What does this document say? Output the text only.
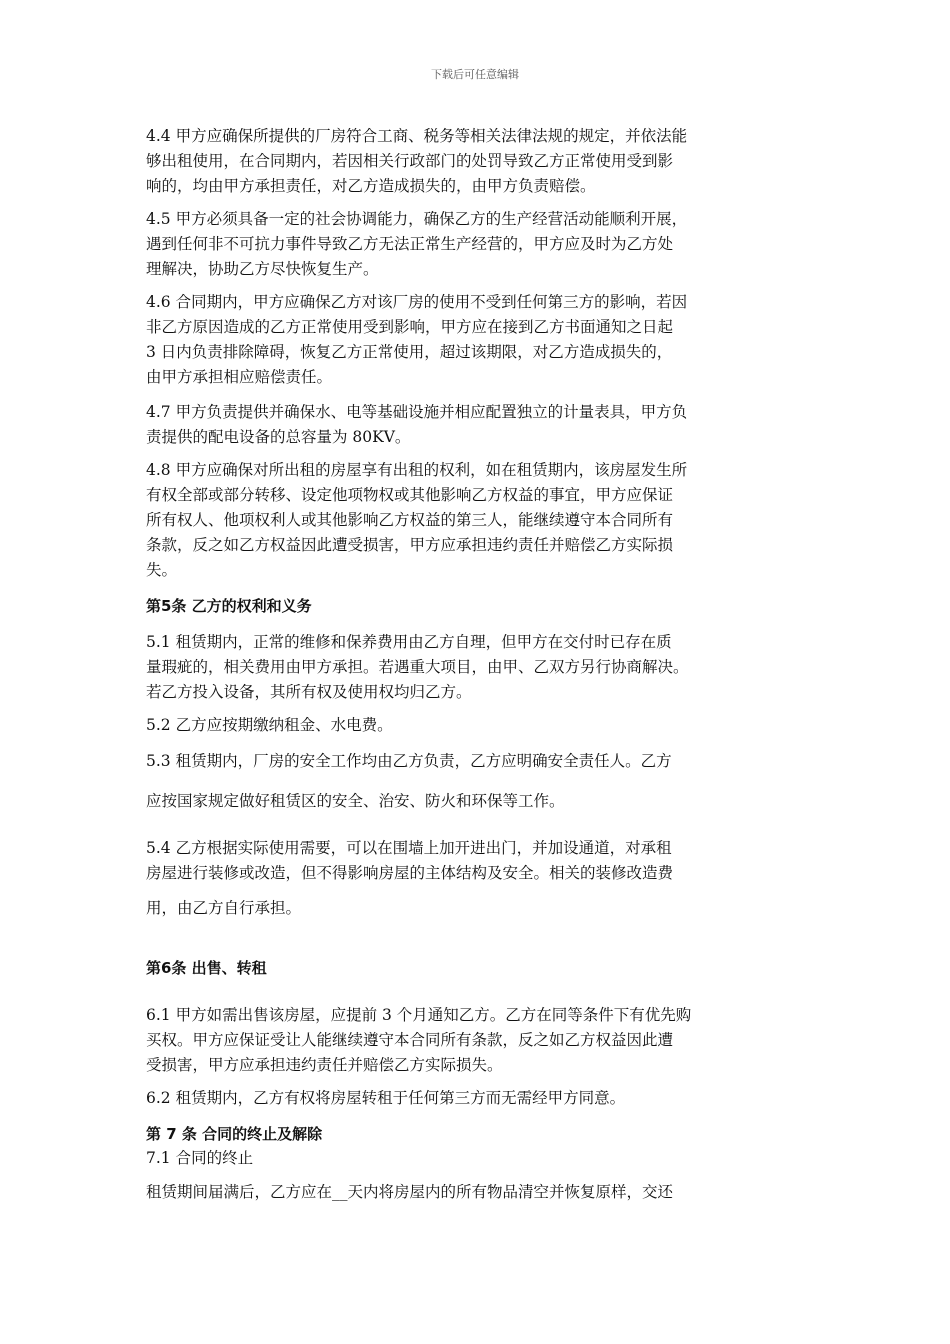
下载后可任意编辑
4.4 甲方应确保所提供的厂房符合工商、税务等相关法律法规的规定，并依法能
够出租使用，在合同期内，若因相关行政部门的处罚导致乙方正常使用受到影
响的，均由甲方承担责任，对乙方造成损失的，由甲方负责赔偿。
4.5 甲方必须具备一定的社会协调能力，确保乙方的生产经营活动能顺利开展，
遇到任何非不可抗力事件导致乙方无法正常生产经营的，甲方应及时为乙方处
理解决，协助乙方尽快恢复生产。
4.6 合同期内，甲方应确保乙方对该厂房的使用不受到任何第三方的影响，若因
非乙方原因造成的乙方正常使用受到影响，甲方应在接到乙方书面通知之日起
3 日内负责排除障碍，恢复乙方正常使用，超过该期限，对乙方造成损失的，
由甲方承担相应赔偿责任。
4.7 甲方负责提供并确保水、电等基础设施并相应配置独立的计量表具，甲方负
责提供的配电设备的总容量为 80KV。
4.8 甲方应确保对所出租的房屋享有出租的权利，如在租赁期内，该房屋发生所
有权全部或部分转移、设定他项物权或其他影响乙方权益的事宜，甲方应保证
所有权人、他项权利人或其他影响乙方权益的第三人，能继续遵守本合同所有
条款，反之如乙方权益因此遭受损害，甲方应承担违约责任并赔偿乙方实际损
失。
第5条 乙方的权利和义务
5.1 租赁期内，正常的维修和保养费用由乙方自理，但甲方在交付时已存在质
量瑕疵的，相关费用由甲方承担。若遇重大项目，由甲、乙双方另行协商解决。
若乙方投入设备，其所有权及使用权均归乙方。
5.2 乙方应按期缴纳租金、水电费。
5.3 租赁期内，厂房的安全工作均由乙方负责，乙方应明确安全责任人。乙方
应按国家规定做好租赁区的安全、治安、防火和环保等工作。
5.4 乙方根据实际使用需要，可以在围墙上加开进出门，并加设通道，对承租
房屋进行装修或改造，但不得影响房屋的主体结构及安全。相关的装修改造费
用，由乙方自行承担。
第6条 出售、转租
6.1 甲方如需出售该房屋，应提前 3 个月通知乙方。乙方在同等条件下有优先购
买权。甲方应保证受让人能继续遵守本合同所有条款，反之如乙方权益因此遭
受损害，甲方应承担违约责任并赔偿乙方实际损失。
6.2 租赁期内，乙方有权将房屋转租于任何第三方而无需经甲方同意。
第 7 条 合同的终止及解除
7.1 合同的终止
租赁期间届满后，乙方应在__天内将房屋内的所有物品清空并恢复原样，交还
